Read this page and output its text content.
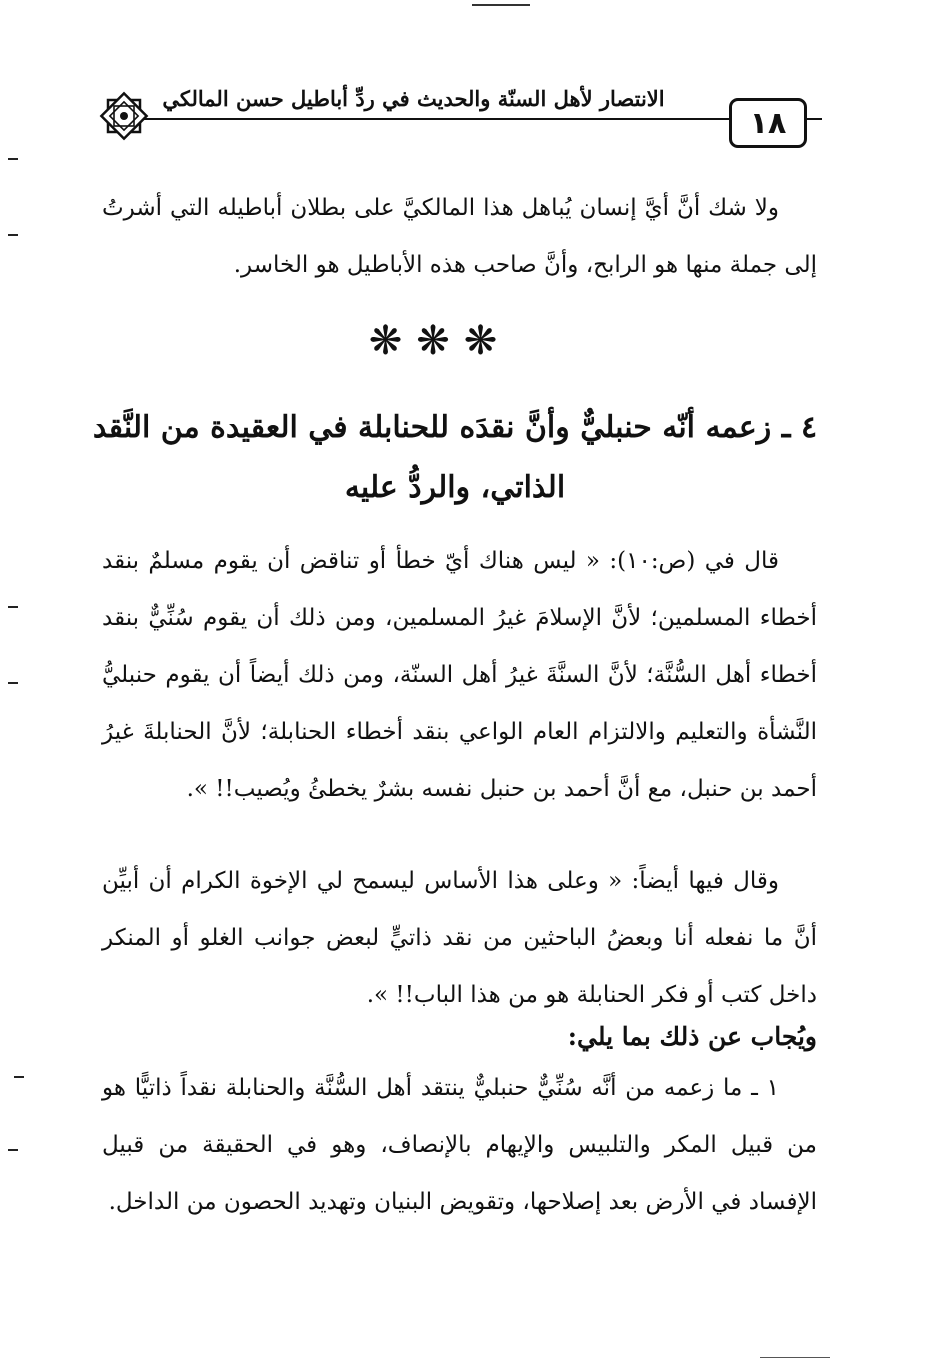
الانتصار لأهل السنّة والحديث في ردِّ أباطيل حسن المالكي
١٨

ولا شك أنَّ أيَّ إنسان يُباهل هذا المالكيَّ على بطلان أباطيله التي أشرتُ إلى جملة منها هو الرابح، وأنَّ صاحب هذه الأباطيل هو الخاسر.

❋❋❋
٤ ـ زعمه أنّه حنبليٌّ وأنَّ نقدَه للحنابلة في العقيدة من النَّقد الذاتي، والردُّ عليه

قال في (ص:١٠): « ليس هناك أيّ خطأ أو تناقض أن يقوم مسلمٌ بنقد أخطاء المسلمين؛ لأنَّ الإسلامَ غيرُ المسلمين، ومن ذلك أن يقوم سُنِّيٌّ بنقد أخطاء أهل السُّنَّة؛ لأنَّ السنَّةَ غيرُ أهل السنّة، ومن ذلك أيضاً أن يقوم حنبليُّ النَّشأة والتعليم والالتزام العام الواعي بنقد أخطاء الحنابلة؛ لأنَّ الحنابلةَ غيرُ أحمد بن حنبل، مع أنَّ أحمد بن حنبل نفسه بشرٌ يخطئُ ويُصيب!! ».

وقال فيها أيضاً: « وعلى هذا الأساس ليسمح لي الإخوة الكرام أن أبيِّن أنَّ ما نفعله أنا وبعضُ الباحثين من نقد ذاتيٍّ لبعض جوانب الغلو أو المنكر داخل كتب أو فكر الحنابلة هو من هذا الباب!! ».

ويُجاب عن ذلك بما يلي:

١ ـ ما زعمه من أنَّه سُنِّيٌّ حنبليٌّ ينتقد أهل السُّنَّة والحنابلة نقداً ذاتيًّا هو من قبيل المكر والتلبيس والإيهام بالإنصاف، وهو في الحقيقة من قبيل الإفساد في الأرض بعد إصلاحها، وتقويض البنيان وتهديد الحصون من الداخل.
